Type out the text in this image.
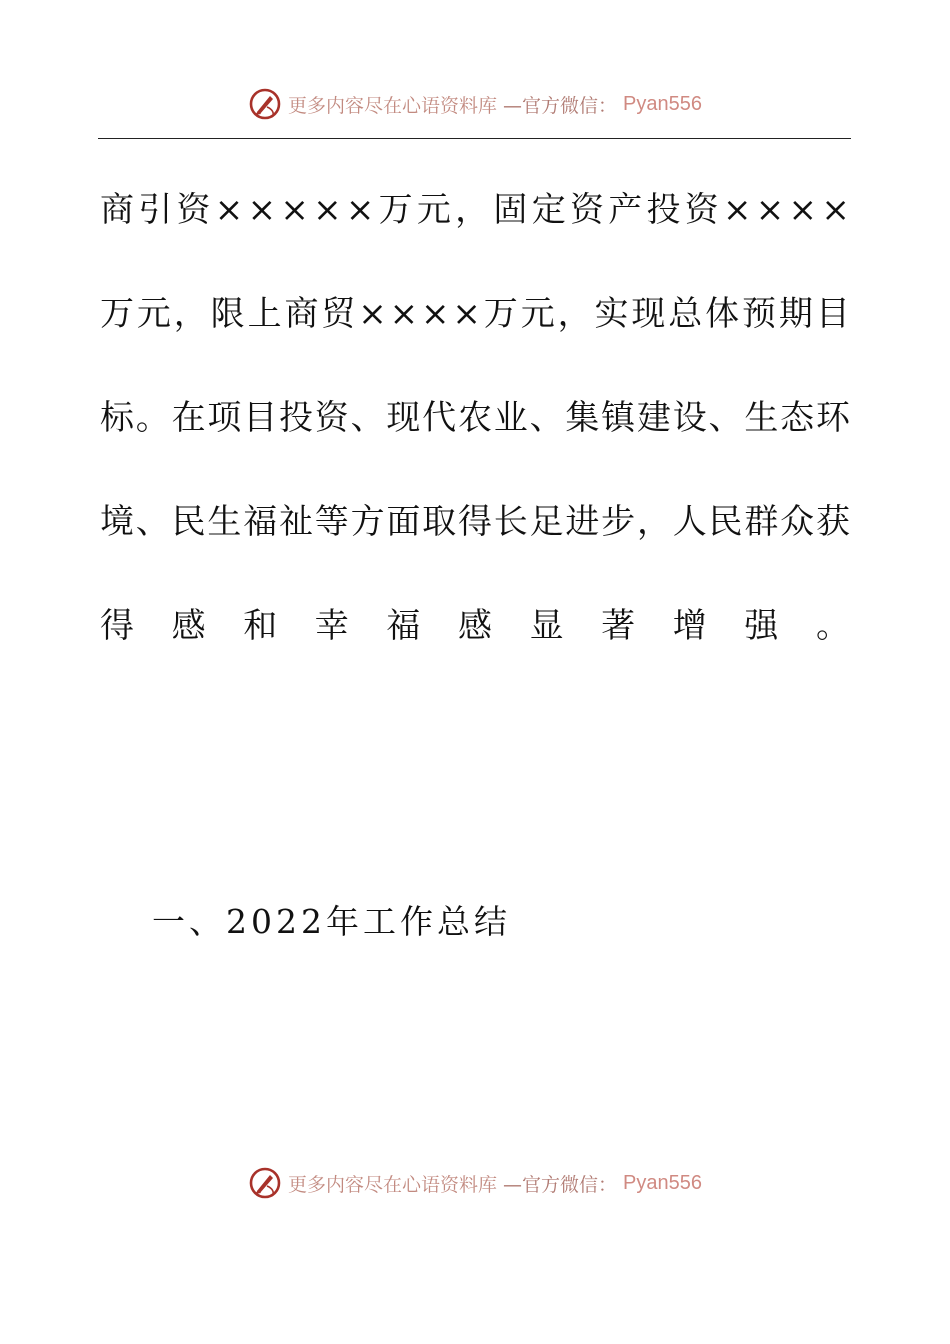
更多内容尽在心语资料库 —官方微信： Pyan556
商 引 资 × × × × × 万 元 ， 固 定 资 产 投 资 × × × ×
万 元 ， 限 上 商 贸 × × × × 万 元 ， 实 现 总 体 预 期 目
标 。 在 项 目 投 资 、 现 代 农 业 、 集 镇 建 设 、 生 态 环
境 、 民 生 福 祉 等 方 面 取 得 长 足 进 步 ， 人 民 群 众 获
得 感 和 幸 福 感 显 著 增 强 。
一、2022年工作总结
更多内容尽在心语资料库 —官方微信： Pyan556
